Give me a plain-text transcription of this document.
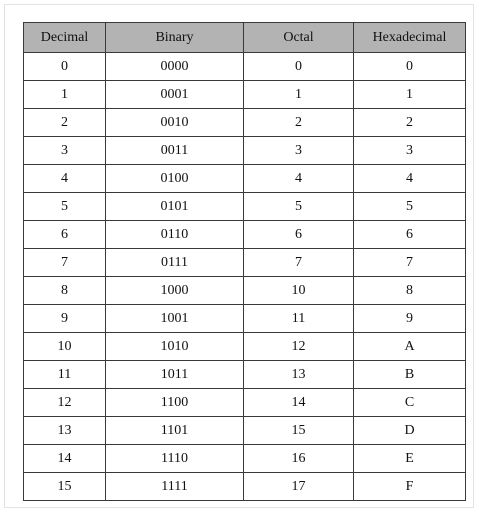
Decimal	Binary	Octal	Hexadecimal
0	0000	0	0
1	0001	1	1
2	0010	2	2
3	0011	3	3
4	0100	4	4
5	0101	5	5
6	0110	6	6
7	0111	7	7
8	1000	10	8
9	1001	11	9
10	1010	12	A
11	1011	13	B
12	1100	14	C
13	1101	15	D
14	1110	16	E
15	1111	17	F
